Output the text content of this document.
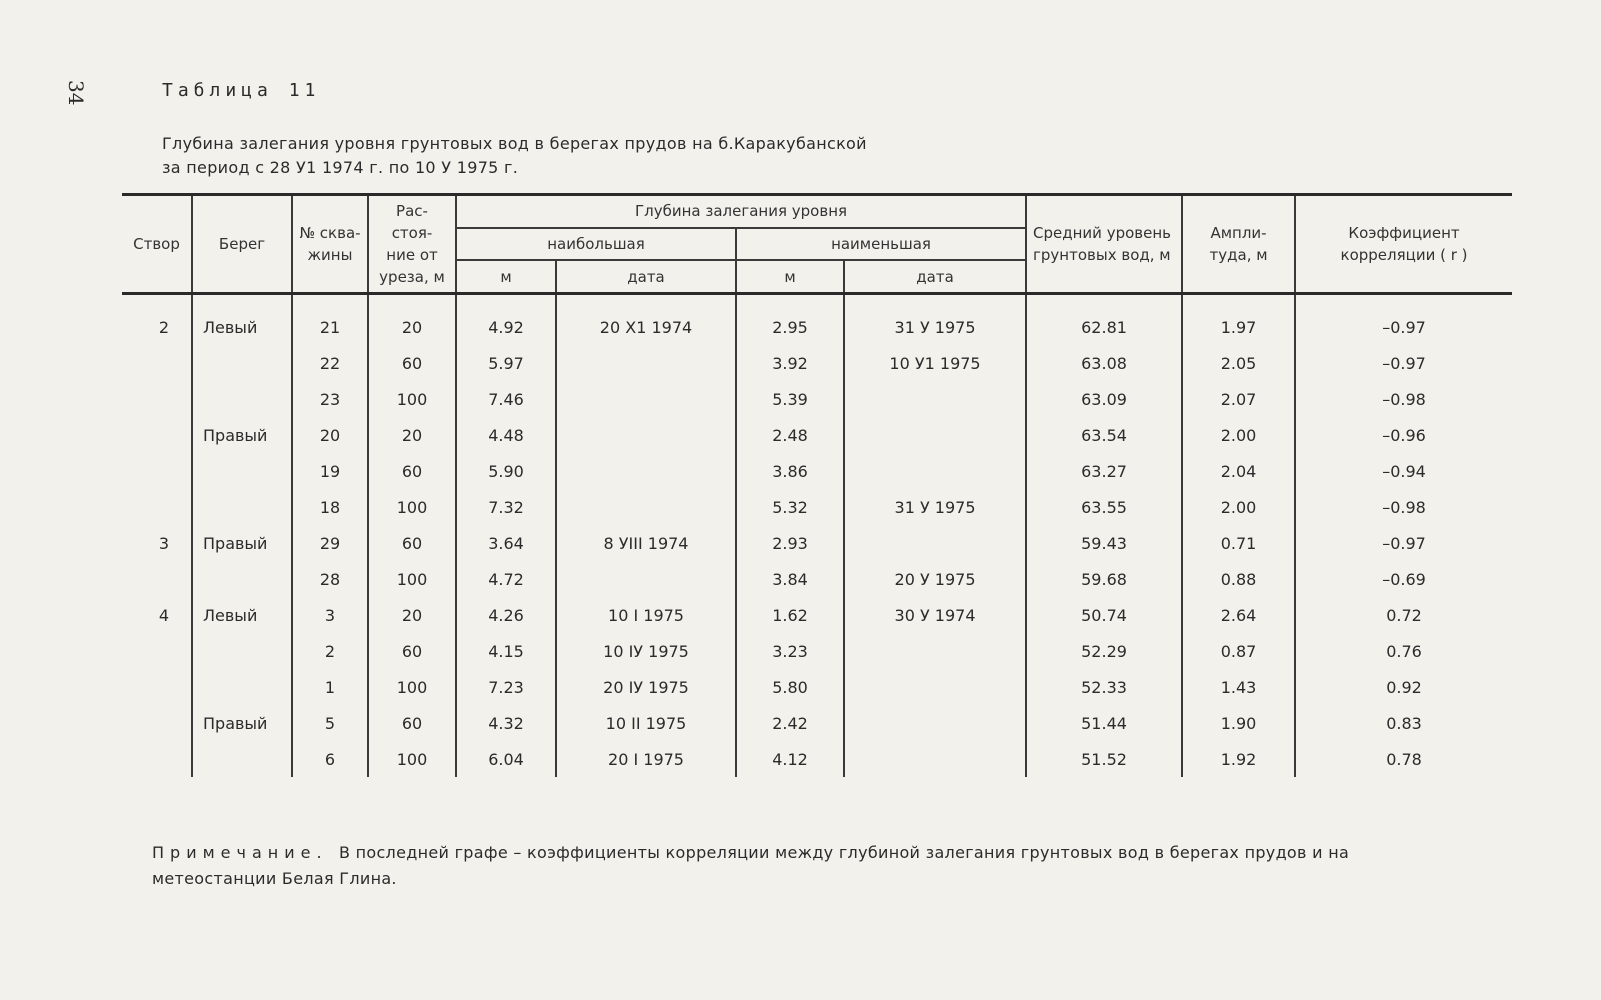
34	Таблица 11
Глубина залегания уровня грунтовых вод в берегах прудов на б.Каракубанской
за период с 28 У1 1974 г. по 10 У 1975 г.
Створ	Берег	№ сква- жины	Рас- стоя- ние от уреза, м	Глубина залегания уровня				Средний уровень грунтовых вод, м	Ампли- туда, м	Коэффициент корреляции ( r )
				наибольшая		наименьшая				
				м	дата	м	дата			
2	Левый	21	20	4.92	20 X1 1974	2.95	31 У 1975	62.81	1.97	–0.97
		22	60	5.97		3.92	10 У1 1975	63.08	2.05	–0.97
		23	100	7.46		5.39		63.09	2.07	–0.98
	Правый	20	20	4.48		2.48		63.54	2.00	–0.96
		19	60	5.90		3.86		63.27	2.04	–0.94
		18	100	7.32		5.32	31 У 1975	63.55	2.00	–0.98
3	Правый	29	60	3.64	8 УIII 1974	2.93		59.43	0.71	–0.97
		28	100	4.72		3.84	20 У 1975	59.68	0.88	–0.69
4	Левый	3	20	4.26	10 I 1975	1.62	30 У 1974	50.74	2.64	0.72
		2	60	4.15	10 IУ 1975	3.23		52.29	0.87	0.76
		1	100	7.23	20 IУ 1975	5.80		52.33	1.43	0.92
	Правый	5	60	4.32	10 II 1975	2.42		51.44	1.90	0.83
		6	100	6.04	20 I 1975	4.12		51.52	1.92	0.78
Примечание. В последней графе – коэффициенты корреляции между глубиной залегания грунтовых вод в берегах прудов и на метеостанции Белая Глина.
